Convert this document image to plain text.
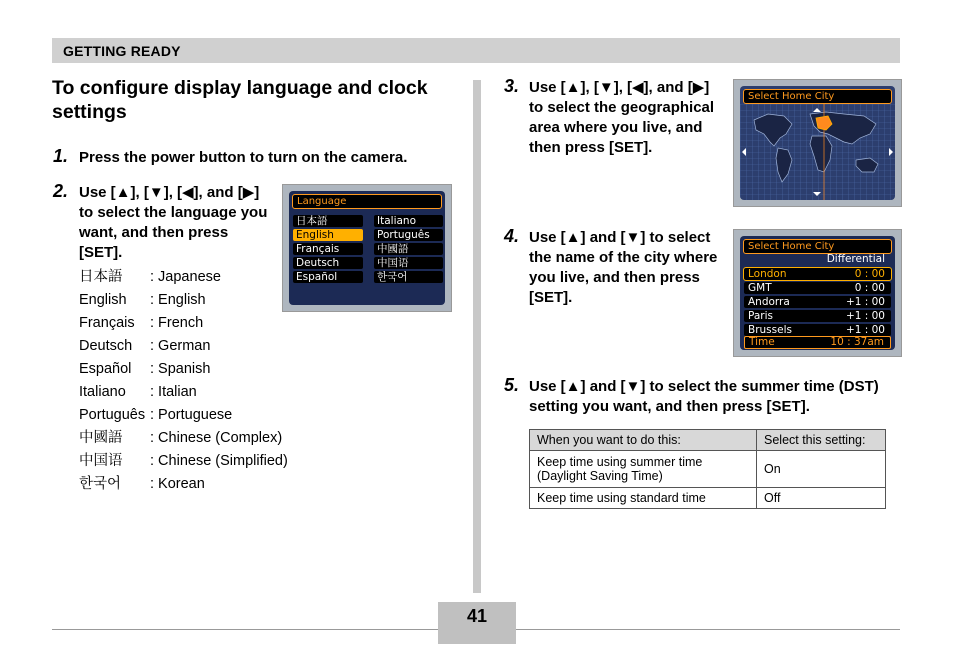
GETTING READY
To configure display language and clock settings
1. Press the power button to turn on the camera.
2. Use [▲], [▼], [◀], and [▶] to select the language you want, and then press [SET].
日本語 : Japanese
English : English
Français : French
Deutsch : German
Español : Spanish
Italiano : Italian
Português : Portuguese
中國語 : Chinese (Complex)
中国语 : Chinese (Simplified)
한국어 : Korean
Language
日本語
English
Français
Deutsch
Español
Italiano
Português
中國語
中国语
한국어
3. Use [▲], [▼], [◀], and [▶] to select the geographical area where you live, and then press [SET].
Select Home City
4. Use [▲] and [▼] to select the name of the city where you live, and then press [SET].
Select Home City
Differential
London	0 : 00
GMT	0 : 00
Andorra	+1 : 00
Paris	+1 : 00
Brussels	+1 : 00
Time	10 : 37am
5. Use [▲] and [▼] to select the summer time (DST) setting you want, and then press [SET].
When you want to do this:	Select this setting:
Keep time using summer time (Daylight Saving Time)	On
Keep time using standard time	Off
41
